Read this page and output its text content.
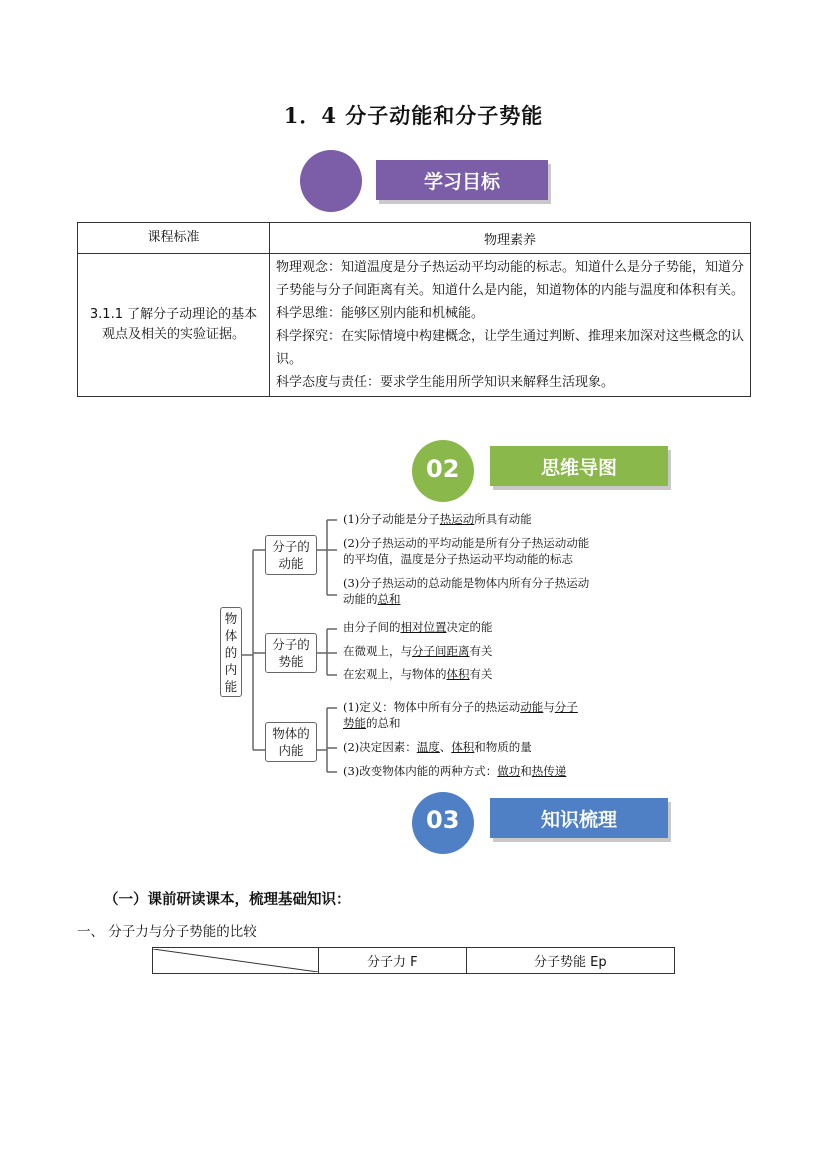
1．4 分子动能和分子势能
学习目标
课程标准	物理素养
3.1.1 了解分子动理论的基本观点及相关的实验证据。	物理观念：知道温度是分子热运动平均动能的标志。知道什么是分子势能，知道分子势能与分子间距离有关。知道什么是内能，知道物体的内能与温度和体积有关。
科学思维：能够区别内能和机械能。
科学探究：在实际情境中构建概念，让学生通过判断、推理来加深对这些概念的认识。
科学态度与责任：要求学生能用所学知识来解释生活现象。
02	思维导图
物体的内能
分子的动能
分子的势能
物体的内能
(1)分子动能是分子热运动所具有动能
(2)分子热运动的平均动能是所有分子热运动动能
的平均值，温度是分子热运动平均动能的标志
(3)分子热运动的总动能是物体内所有分子热运动
动能的总和
由分子间的相对位置决定的能
在微观上，与分子间距离有关
在宏观上，与物体的体积有关
(1)定义：物体中所有分子的热运动动能与分子
势能的总和
(2)决定因素：温度、体积和物质的量
(3)改变物体内能的两种方式：做功和热传递
03	知识梳理
（一）课前研读课本，梳理基础知识：
一、 分子力与分子势能的比较
	分子力 F	分子势能 Ep
